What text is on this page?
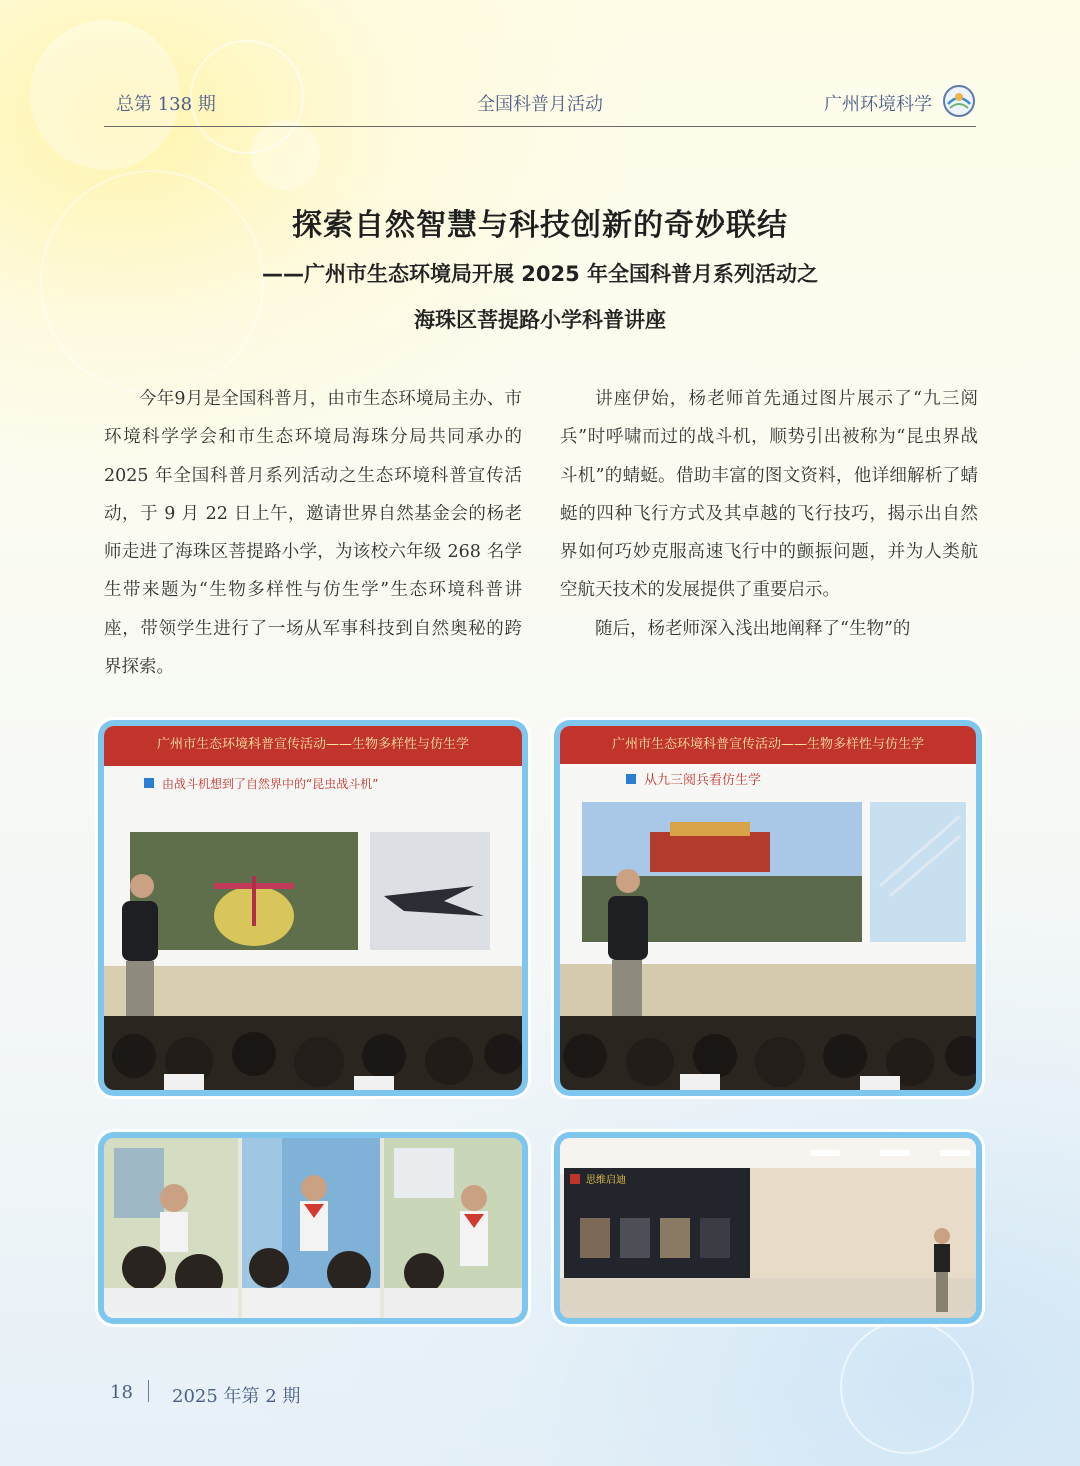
总第 138 期	全国科普月活动	广州环境科学
探索自然智慧与科技创新的奇妙联结
——广州市生态环境局开展 2025 年全国科普月系列活动之
海珠区菩提路小学科普讲座

今年9月是全国科普月，由市生态环境局主办、市环境科学学会和市生态环境局海珠分局共同承办的 2025 年全国科普月系列活动之生态环境科普宣传活动，于 9 月 22 日上午，邀请世界自然基金会的杨老师走进了海珠区菩提路小学，为该校六年级 268 名学生带来题为“生物多样性与仿生学”生态环境科普讲座，带领学生进行了一场从军事科技到自然奥秘的跨界探索。

讲座伊始，杨老师首先通过图片展示了“九三阅兵”时呼啸而过的战斗机，顺势引出被称为“昆虫界战斗机”的蜻蜓。借助丰富的图文资料，他详细解析了蜻蜓的四种飞行方式及其卓越的飞行技巧，揭示出自然界如何巧妙克服高速飞行中的颤振问题，并为人类航空航天技术的发展提供了重要启示。

随后，杨老师深入浅出地阐释了“生物”的

广州市生态环境科普宣传活动——生物多样性与仿生学
由战斗机想到了自然界中的“昆虫战斗机”
广州市生态环境科普宣传活动——生物多样性与仿生学
从九三阅兵看仿生学
思维启迪
18 2025 年第 2 期
